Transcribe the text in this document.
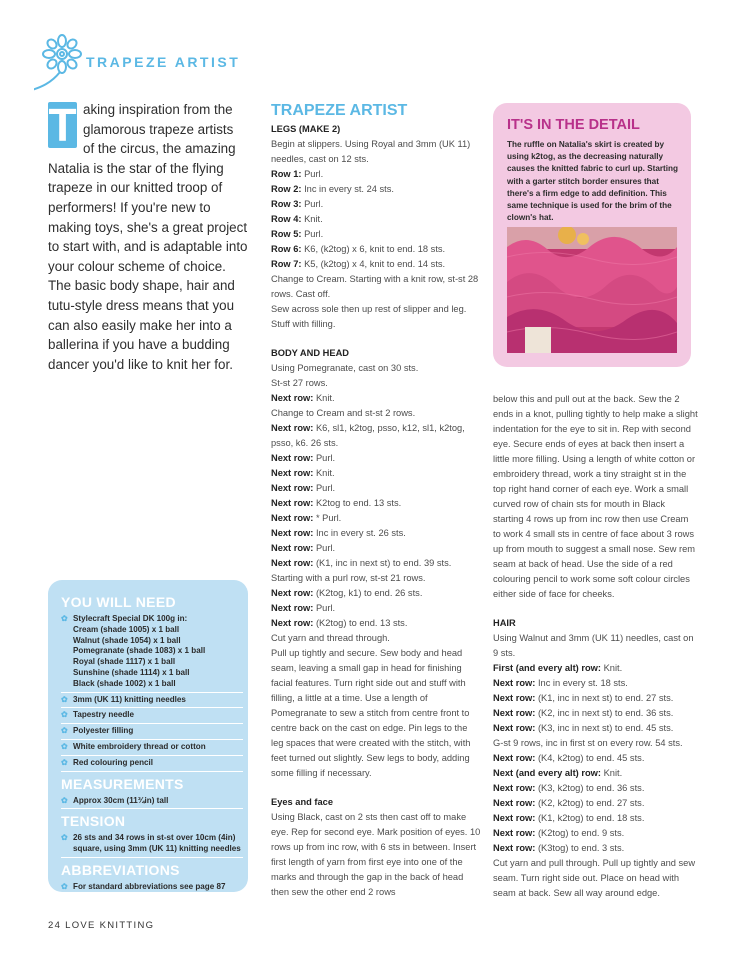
TRAPEZE ARTIST
T aking inspiration from the glamorous trapeze artists of the circus, the amazing Natalia is the star of the flying trapeze in our knitted troop of performers! If you're new to making toys, she's a great project to start with, and is adaptable into your colour scheme of choice. The basic body shape, hair and tutu-style dress means that you can also easily make her into a ballerina if you have a budding dancer you'd like to knit her for.
TRAPEZE ARTIST

LEGS (MAKE 2)

Begin at slippers. Using Royal and 3mm (UK 11) needles, cast on 12 sts.

Row 1: Purl.

Row 2: Inc in every st. 24 sts.

Row 3: Purl.

Row 4: Knit.

Row 5: Purl.

Row 6: K6, (k2tog) x 6, knit to end. 18 sts.

Row 7: K5, (k2tog) x 4, knit to end. 14 sts.

Change to Cream. Starting with a knit row, st-st 28 rows. Cast off.

Sew across sole then up rest of slipper and leg. Stuff with filling.

BODY AND HEAD

Using Pomegranate, cast on 30 sts.

St-st 27 rows.

Next row: Knit.

Change to Cream and st-st 2 rows.

Next row: K6, sl1, k2tog, psso, k12, sl1, k2tog, psso, k6. 26 sts.

Next row: Purl.

Next row: Knit.

Next row: Purl.

Next row: K2tog to end. 13 sts.

Next row: * Purl.

Next row: Inc in every st. 26 sts.

Next row: Purl.

Next row: (K1, inc in next st) to end. 39 sts.

Starting with a purl row, st-st 21 rows.

Next row: (K2tog, k1) to end. 26 sts.

Next row: Purl.

Next row: (K2tog) to end. 13 sts.

Cut yarn and thread through.

Pull up tightly and secure. Sew body and head seam, leaving a small gap in head for finishing facial features. Turn right side out and stuff with filling, a little at a time. Use a length of Pomegranate to sew a stitch from centre front to centre back on the cast on edge. Pin legs to the leg spaces that were created with the stitch, with feet turned out slightly. Sew legs to body, adding some filling if necessary.

Eyes and face

Using Black, cast on 2 sts then cast off to make eye. Rep for second eye. Mark position of eyes. 10 rows up from inc row, with 6 sts in between. Insert first length of yarn from first eye into one of the marks and through the gap in the back of head then sew the other end 2 rows

IT'S IN THE DETAIL
The ruffle on Natalia's skirt is created by using k2tog, as the decreasing naturally causes the knitted fabric to curl up. Starting with a garter stitch border ensures that there's a firm edge to add definition. This same technique is used for the brim of the clown's hat.

below this and pull out at the back. Sew the 2 ends in a knot, pulling tightly to help make a slight indentation for the eye to sit in. Rep with second eye. Secure ends of eyes at back then insert a little more filling. Using a length of white cotton or embroidery thread, work a tiny straight st in the top right hand corner of each eye. Work a small curved row of chain sts for mouth in Black starting 4 rows up from inc row then use Cream to work 4 small sts in centre of face about 3 rows up from mouth to suggest a small nose. Sew rem seam at back of head. Use the side of a red colouring pencil to work some soft colour circles either side of face for cheeks.

HAIR

Using Walnut and 3mm (UK 11) needles, cast on 9 sts.

First (and every alt) row: Knit.

Next row: Inc in every st. 18 sts.

Next row: (K1, inc in next st) to end. 27 sts.

Next row: (K2, inc in next st) to end. 36 sts.

Next row: (K3, inc in next st) to end. 45 sts.

G-st 9 rows, inc in first st on every row. 54 sts.

Next row: (K4, k2tog) to end. 45 sts.

Next (and every alt) row: Knit.

Next row: (K3, k2tog) to end. 36 sts.

Next row: (K2, k2tog) to end. 27 sts.

Next row: (K1, k2tog) to end. 18 sts.

Next row: (K2tog) to end. 9 sts.

Next row: (K3tog) to end. 3 sts.

Cut yarn and pull through. Pull up tightly and sew seam. Turn right side out. Place on head with seam at back. Sew all way around edge.

YOU WILL NEED
✿ Stylecraft Special DK 100g in:
Cream (shade 1005) x 1 ball
Walnut (shade 1054) x 1 ball
Pomegranate (shade 1083) x 1 ball
Royal (shade 1117) x 1 ball
Sunshine (shade 1114) x 1 ball
Black (shade 1002) x 1 ball
✿ 3mm (UK 11) knitting needles
✿ Tapestry needle
✿ Polyester filling
✿ White embroidery thread or cotton
✿ Red colouring pencil
MEASUREMENTS
✿ Approx 30cm (11¾in) tall
TENSION
✿ 26 sts and 34 rows in st-st over 10cm (4in) square, using 3mm (UK 11) knitting needles
ABBREVIATIONS
✿ For standard abbreviations see page 87
24 LOVE KNITTING
